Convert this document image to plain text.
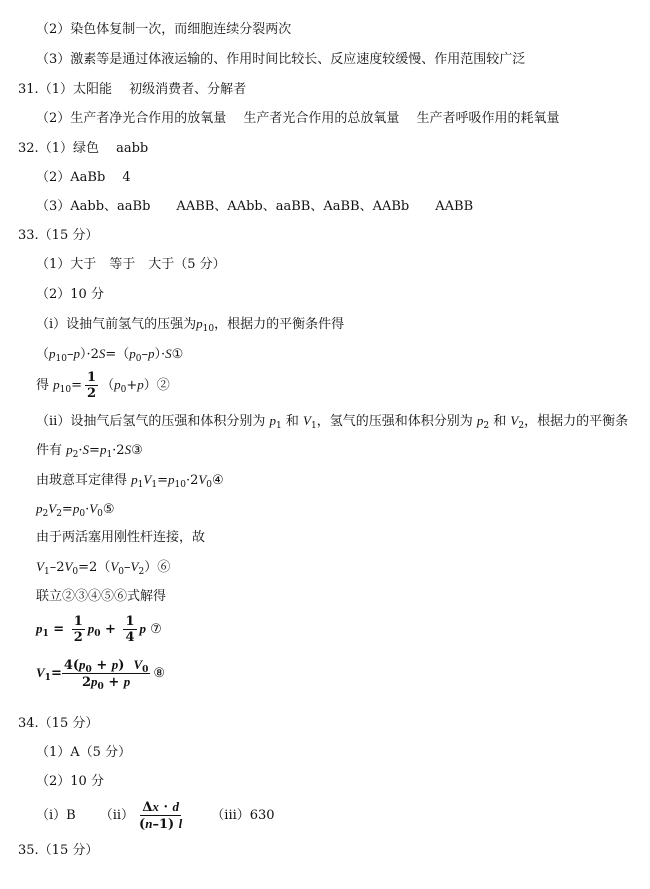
（2）染色体复制一次，而细胞连续分裂两次
（3）激素等是通过体液运输的、作用时间比较长、反应速度较缓慢、作用范围较广泛
31.（1）太阳能　 初级消费者、分解者
（2）生产者净光合作用的放氧量　 生产者光合作用的总放氧量　 生产者呼吸作用的耗氧量
32.（1）绿色　 aabb
（2）AaBb　 4
（3）Aabb、aaBb　　AABB、AAbb、aaBB、AaBB、AABb　　AABB
33.（15 分）
（1）大于　等于　大于（5 分）
（2）10 分
（i）设抽气前氢气的压强为$p_{10}$，根据力的平衡条件得
$(p_{10}-p)\cdot 2S=(p_0-p)\cdot S①$
得 $p_{10}= \frac{1}{2}$ $(p_0+p)②$
（ii）设抽气后氢气的压强和体积分别为 $p_1$ 和 $V_1$，氢气的压强和体积分别为 $p_2$ 和 $V_2$，根据力的平衡条
件有 $p_2\cdot S=p_1\cdot 2S③$
由玻意耳定律得 $p_1V_1=p_{10}\cdot 2V_0④$
$p_2V_2=p_0\cdot V_0⑤$
由于两活塞用刚性杆连接，故
$V_1-2V_0=2(V_0-V_2)⑥$
联立②③④⑤⑥式解得
$p_1 = \frac{1}{2} p_0 + \frac{1}{4}$ p ⑦
$V_1= \frac{4(p_0 + p) V_0}{2p_0 + p}$ ⑧
34.（15 分）
（1）A（5 分）
（2）10 分
（i）B $(ii) \frac{\Delta x \cdot d}{(n-1) l} (iii)630$
35.（15 分）
